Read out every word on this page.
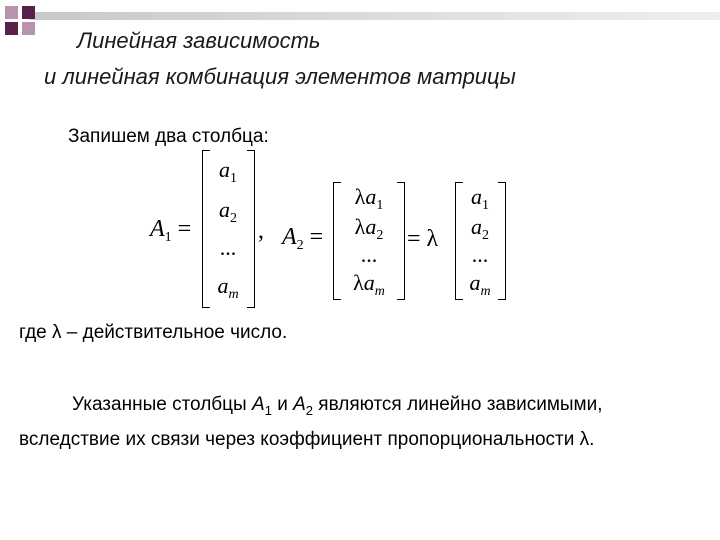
Линейная зависимость
и линейная комбинация элементов матрицы
Запишем два столбца:
$A_1$ =
$a_1$
$a_2$
...
$a_m$
, $A_2$ =
$\lambda a_1$
$\lambda a_2$
...
$\lambda a_m$
= λ
$a_1$
$a_2$
...
$a_m$
где λ – действительное число.
Указанные столбцы $A_1$ и $A_2$ являются линейно зависимыми, вследствие их связи через коэффициент пропорциональности λ.
